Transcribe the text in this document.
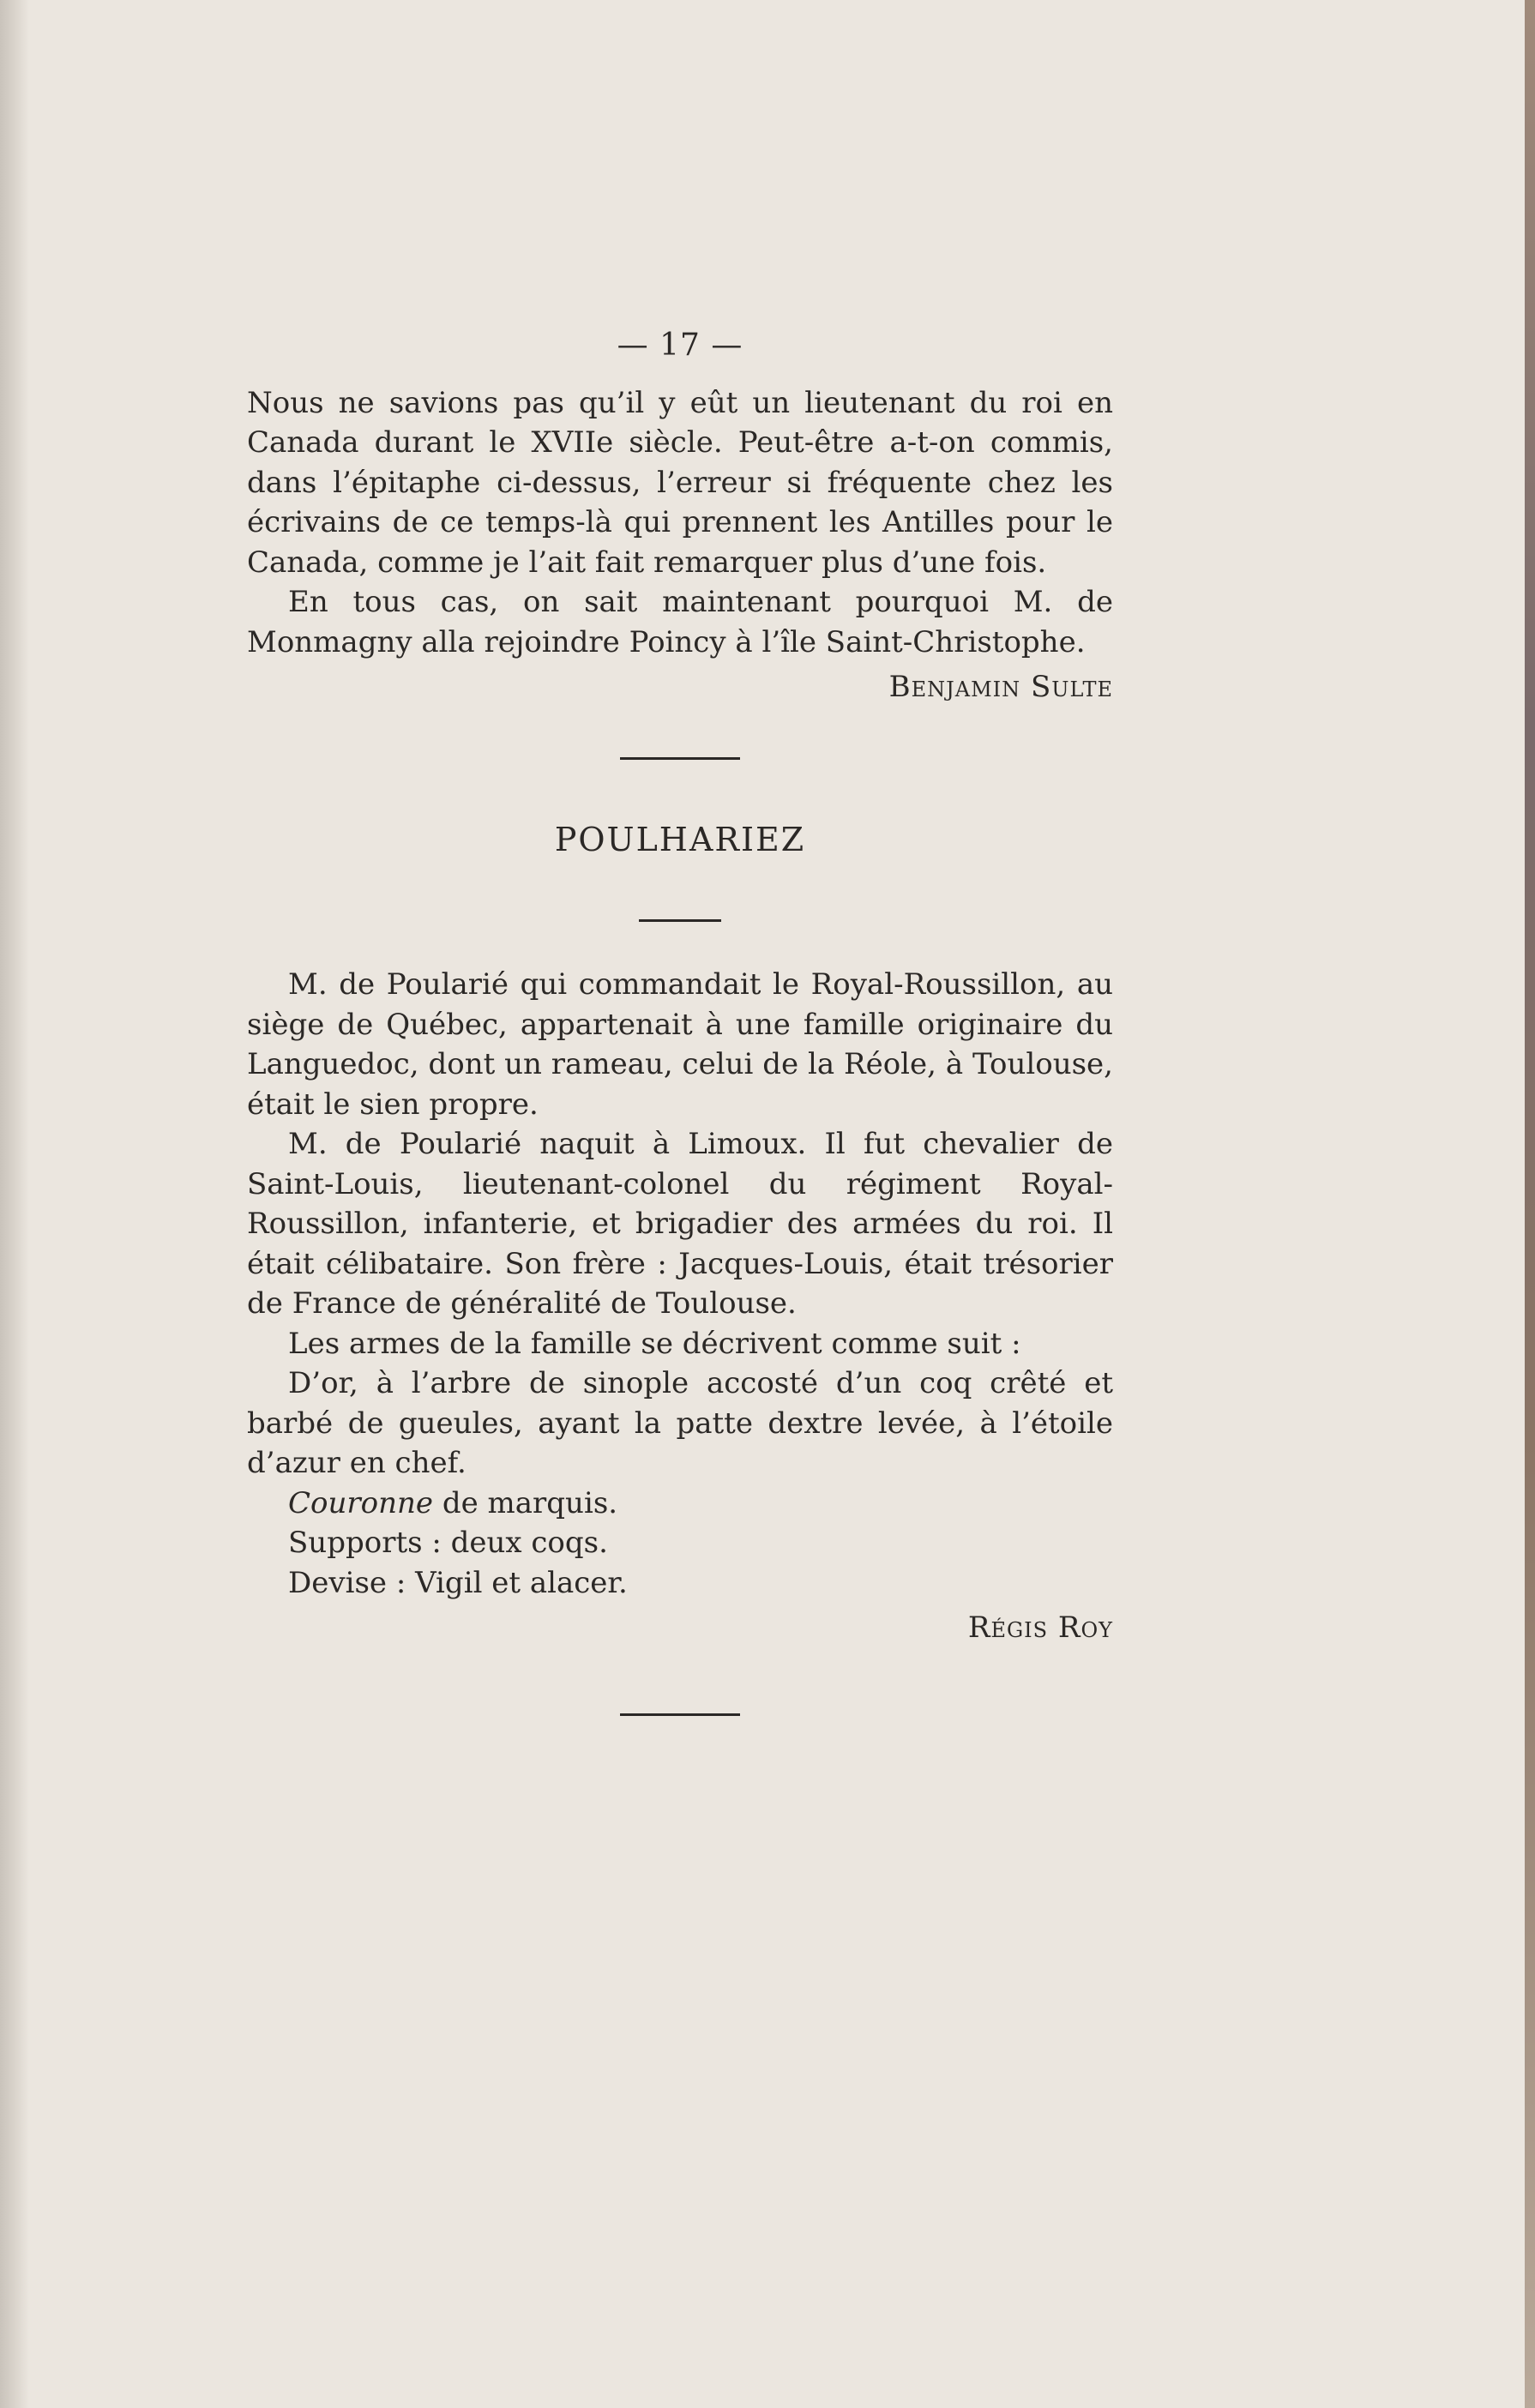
— 17 —

Nous ne savions pas qu’il y eût un lieutenant du roi en Canada durant le XVIIe siècle. Peut-être a-t-on commis, dans l’épitaphe ci-dessus, l’erreur si fréquente chez les écrivains de ce temps-là qui prennent les Antilles pour le Canada, comme je l’ait fait remarquer plus d’une fois.

En tous cas, on sait maintenant pourquoi M. de Monmagny alla rejoindre Poincy à l’île Saint-Christophe.

Benjamin Sulte
POULHARIEZ

M. de Poularié qui commandait le Royal-Roussillon, au siège de Québec, appartenait à une famille originaire du Languedoc, dont un rameau, celui de la Réole, à Toulouse, était le sien propre.

M. de Poularié naquit à Limoux. Il fut chevalier de Saint-Louis, lieutenant-colonel du régiment Royal-Roussillon, infanterie, et brigadier des armées du roi. Il était célibataire. Son frère : Jacques-Louis, était trésorier de France de généralité de Toulouse.

Les armes de la famille se décrivent comme suit :

D’or, à l’arbre de sinople accosté d’un coq crêté et barbé de gueules, ayant la patte dextre levée, à l’étoile d’azur en chef.

Couronne de marquis.

Supports : deux coqs.

Devise : Vigil et alacer.

Régis Roy
